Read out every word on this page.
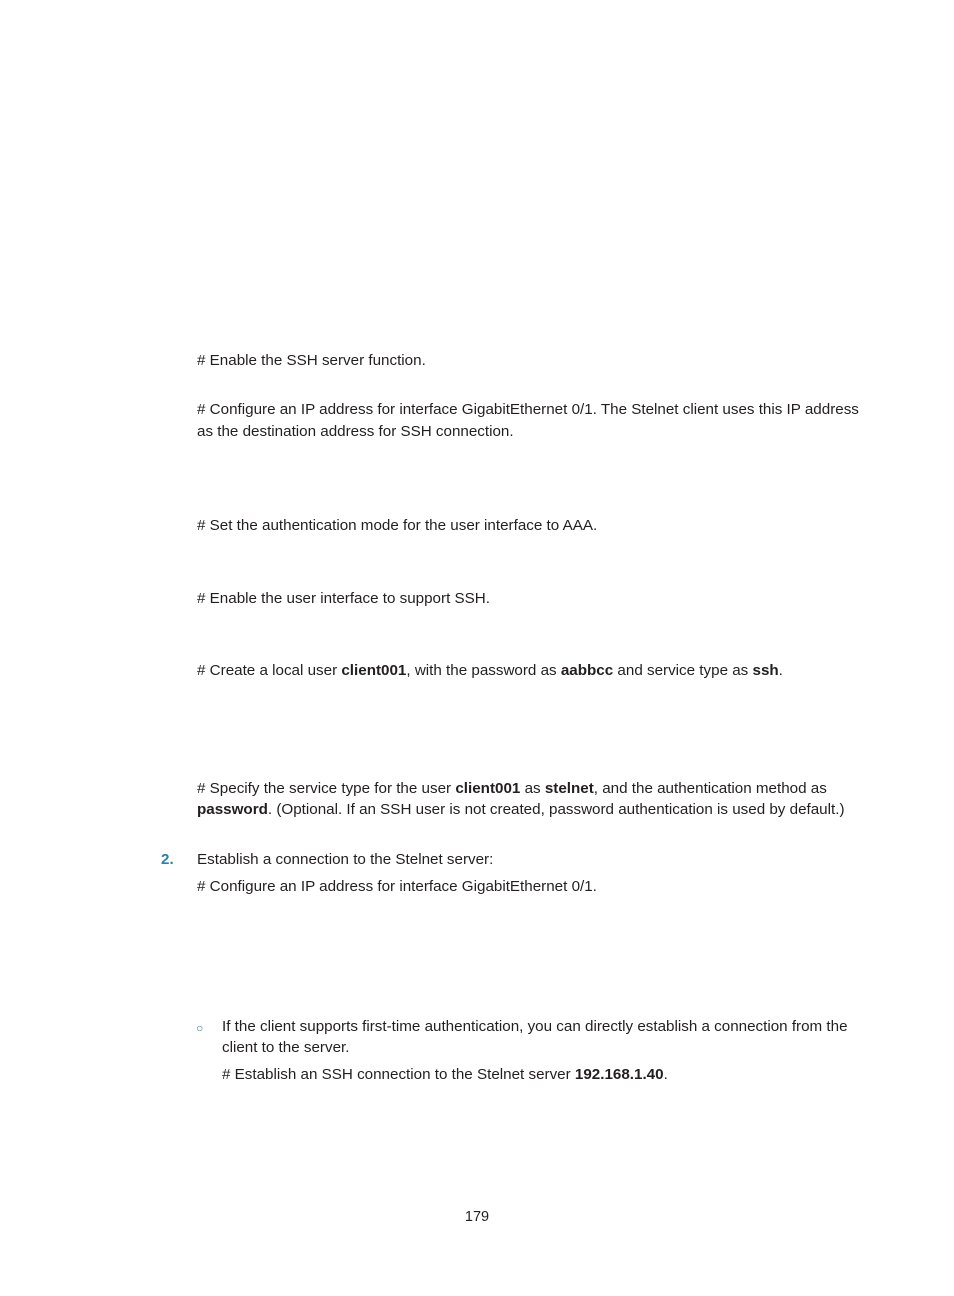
# Enable the SSH server function.
# Configure an IP address for interface GigabitEthernet 0/1. The Stelnet client uses this IP address
as the destination address for SSH connection.
# Set the authentication mode for the user interface to AAA.
# Enable the user interface to support SSH.
# Create a local user client001, with the password as aabbcc and service type as ssh.
# Specify the service type for the user client001 as stelnet, and the authentication method as
password. (Optional. If an SSH user is not created, password authentication is used by default.)
2. Establish a connection to the Stelnet server:
# Configure an IP address for interface GigabitEthernet 0/1.
○ If the client supports first-time authentication, you can directly establish a connection from the
client to the server.
# Establish an SSH connection to the Stelnet server 192.168.1.40.
179
